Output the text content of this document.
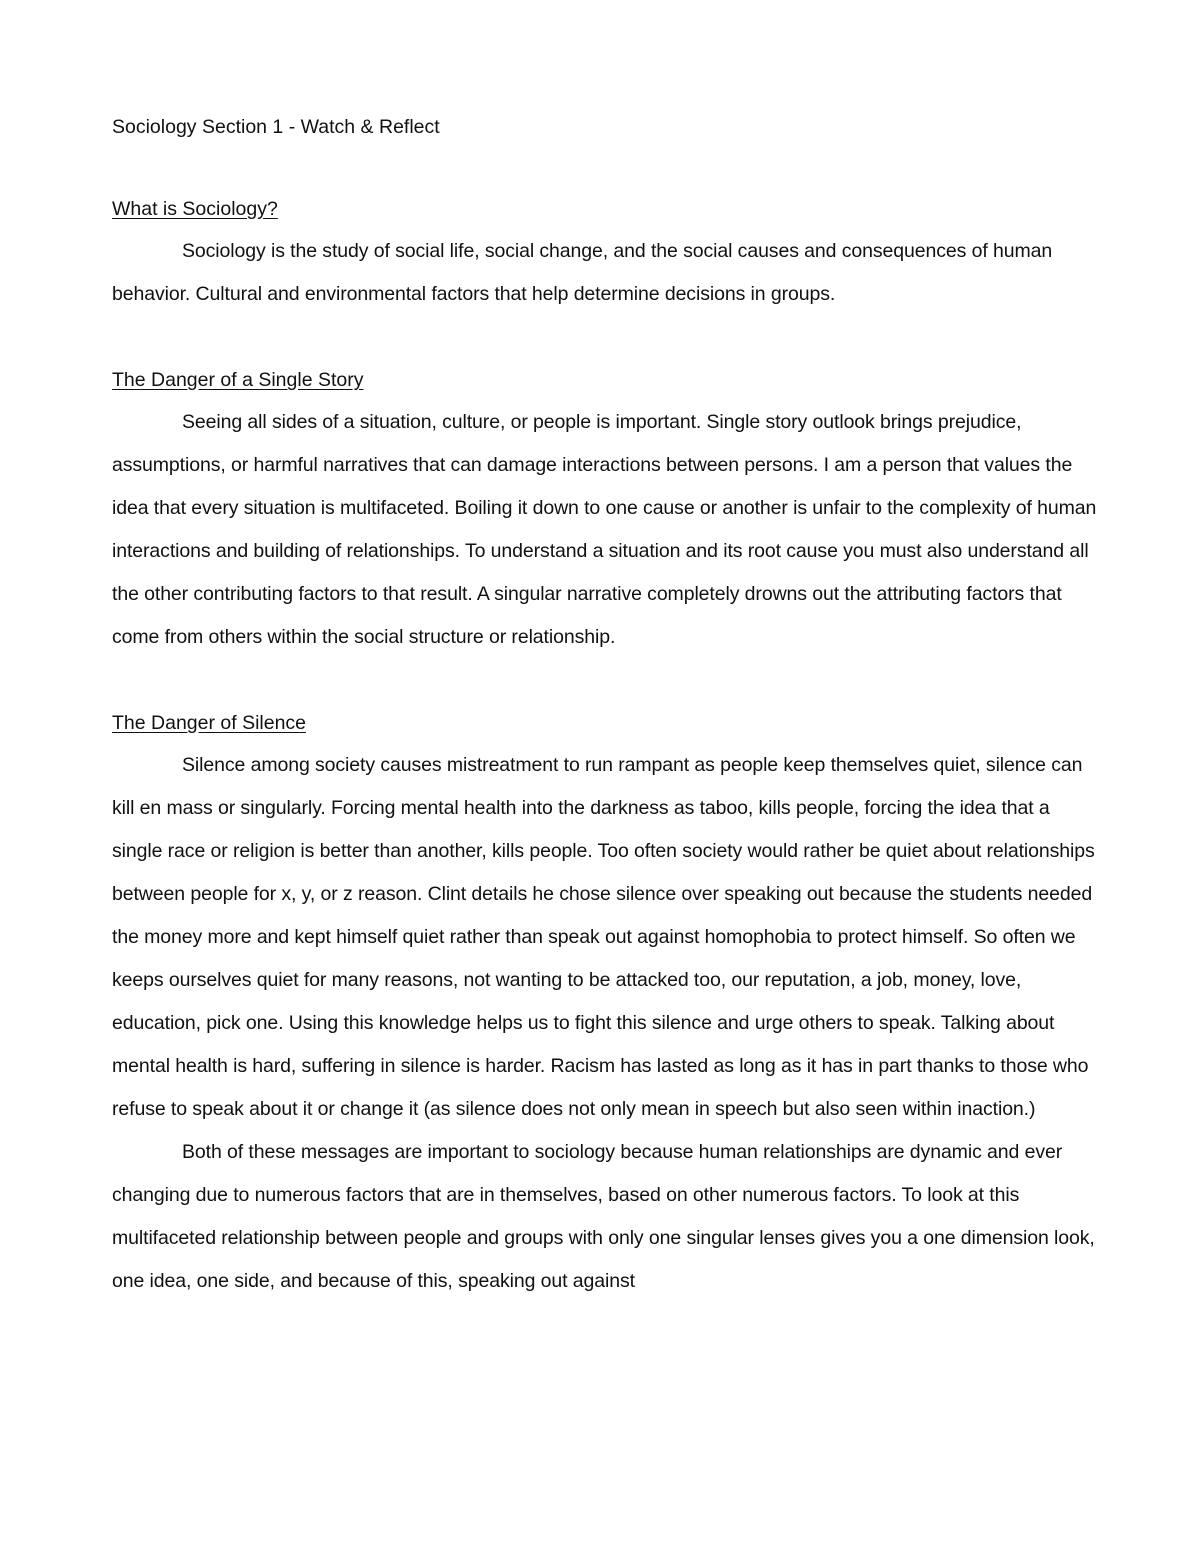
Sociology Section 1 - Watch & Reflect

What is Sociology?

Sociology is the study of social life, social change, and the social causes and consequences of human behavior. Cultural and environmental factors that help determine decisions in groups.

The Danger of a Single Story

Seeing all sides of a situation, culture, or people is important. Single story outlook brings prejudice, assumptions, or harmful narratives that can damage interactions between persons. I am a person that values the idea that every situation is multifaceted. Boiling it down to one cause or another is unfair to the complexity of human interactions and building of relationships. To understand a situation and its root cause you must also understand all the other contributing factors to that result. A singular narrative completely drowns out the attributing factors that come from others within the social structure or relationship.

The Danger of Silence

Silence among society causes mistreatment to run rampant as people keep themselves quiet, silence can kill en mass or singularly. Forcing mental health into the darkness as taboo, kills people, forcing the idea that a single race or religion is better than another, kills people. Too often society would rather be quiet about relationships between people for x, y, or z reason. Clint details he chose silence over speaking out because the students needed the money more and kept himself quiet rather than speak out against homophobia to protect himself. So often we keeps ourselves quiet for many reasons, not wanting to be attacked too, our reputation, a job, money, love, education, pick one. Using this knowledge helps us to fight this silence and urge others to speak. Talking about mental health is hard, suffering in silence is harder. Racism has lasted as long as it has in part thanks to those who refuse to speak about it or change it (as silence does not only mean in speech but also seen within inaction.)

Both of these messages are important to sociology because human relationships are dynamic and ever changing due to numerous factors that are in themselves, based on other numerous factors. To look at this multifaceted relationship between people and groups with only one singular lenses gives you a one dimension look, one idea, one side, and because of this, speaking out against
